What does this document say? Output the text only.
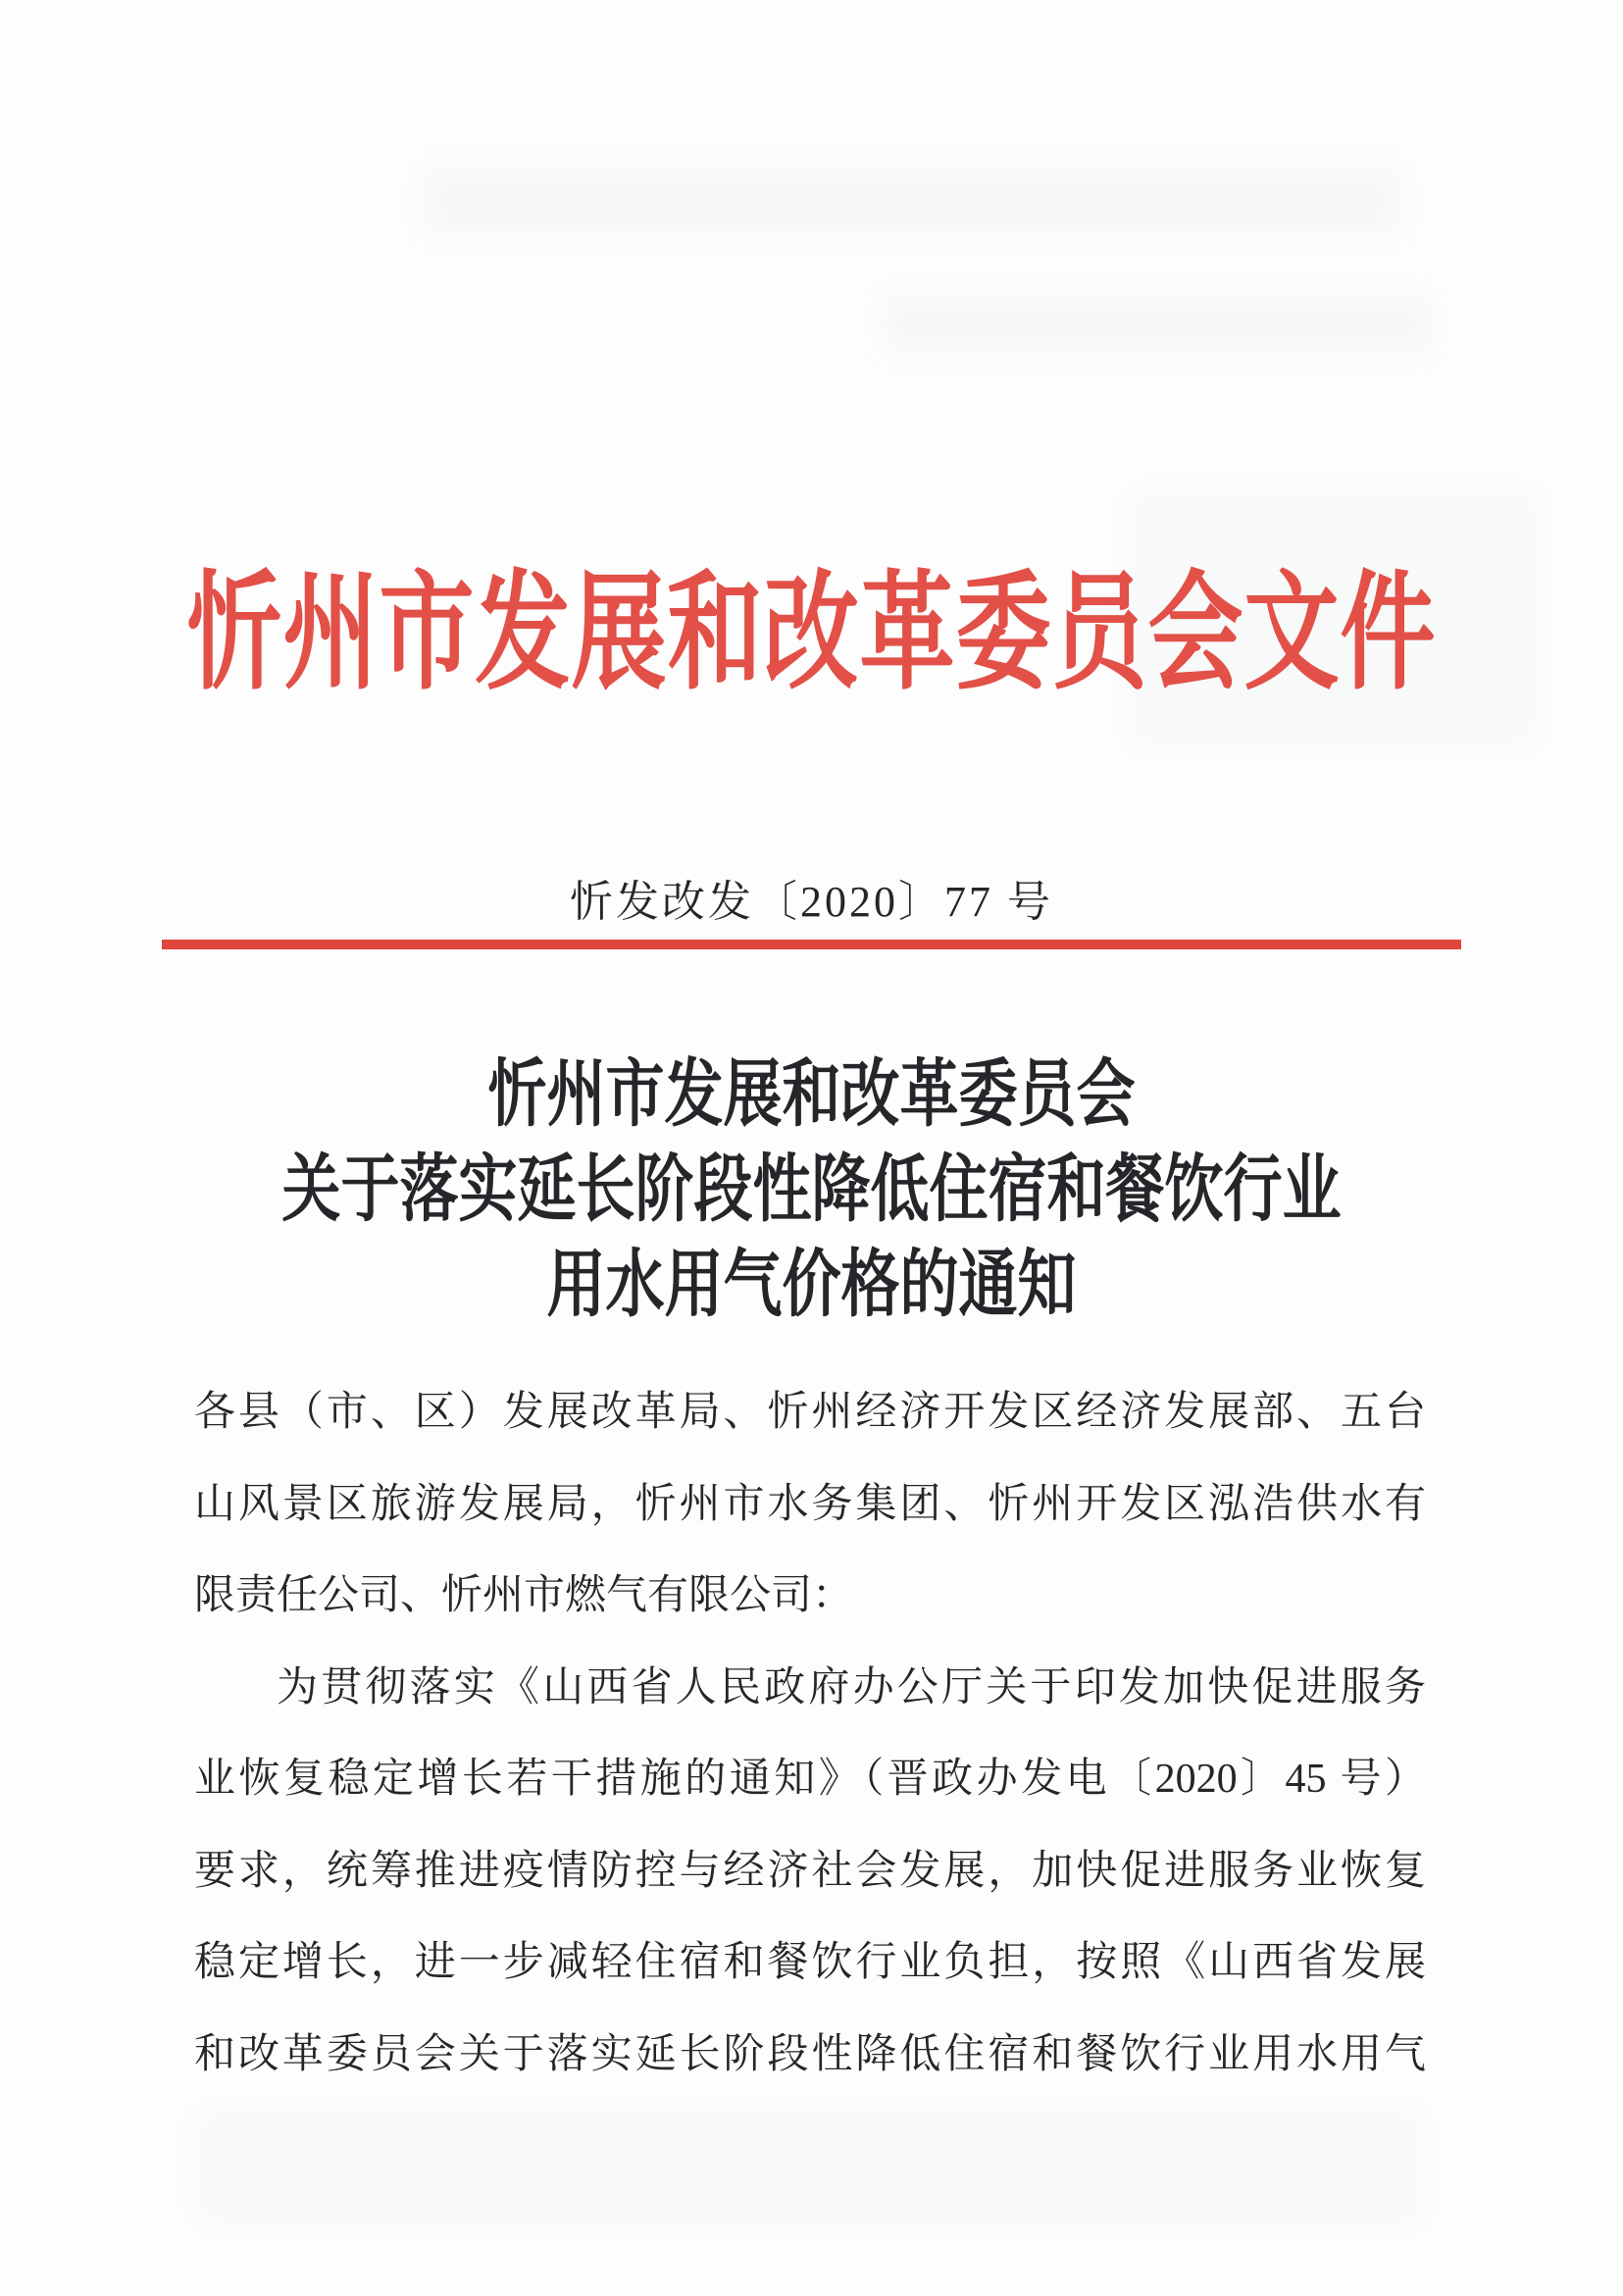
忻州市发展和改革委员会文件
忻发改发〔2020〕77 号
忻州市发展和改革委员会
关于落实延长阶段性降低住宿和餐饮行业
用水用气价格的通知
各县（市、区）发展改革局、忻州经济开发区经济发展部、五台
山风景区旅游发展局，忻州市水务集团、忻州开发区泓浩供水有
限责任公司、忻州市燃气有限公司：
为贯彻落实《山西省人民政府办公厅关于印发加快促进服务
业恢复稳定增长若干措施的通知》（晋政办发电〔2020〕45 号）
要求，统筹推进疫情防控与经济社会发展，加快促进服务业恢复
稳定增长，进一步减轻住宿和餐饮行业负担，按照《山西省发展
和改革委员会关于落实延长阶段性降低住宿和餐饮行业用水用气
